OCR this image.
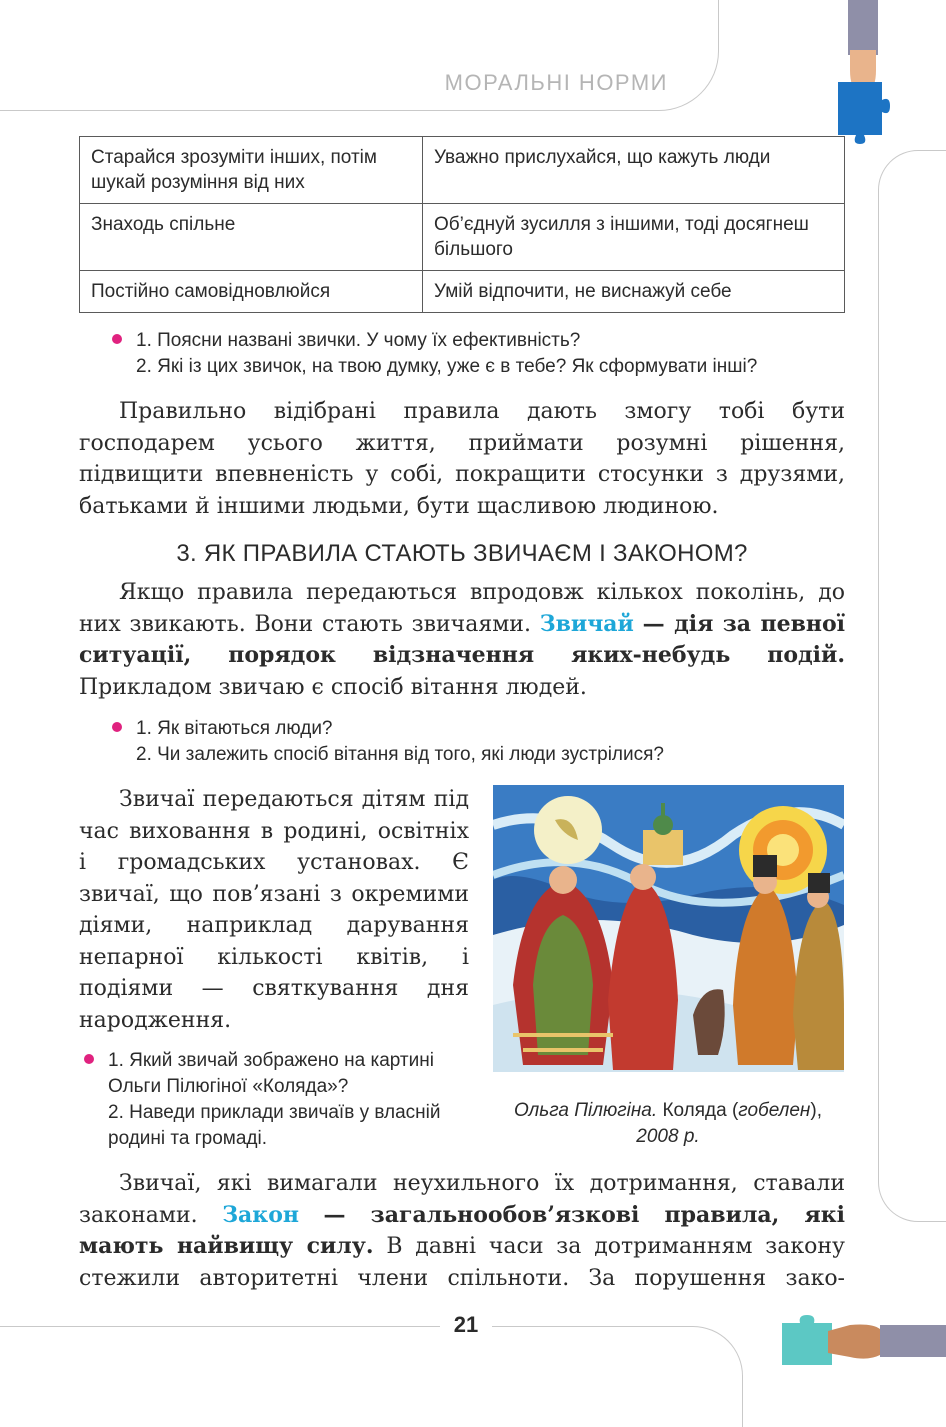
МОРАЛЬНІ НОРМИ
Старайся зрозуміти інших, потім шукай розуміння від них	Уважно прислухайся, що кажуть люди
Знаходь спільне	Об’єднуй зусилля з іншими, тоді досягнеш більшого
Постійно самовідновлюйся	Умій відпочити, не виснажуй себе
1. Поясни названі звички. У чому їх ефективність?
2. Які із цих звичок, на твою думку, уже є в тебе? Як сформувати інші?
Правильно відібрані правила дають змогу тобі бути господарем усього життя, приймати розумні рішення, підвищити впевненість у собі, покращити стосунки з друзями, батьками й іншими людьми, бути щасливою людиною.
3. ЯК ПРАВИЛА СТАЮТЬ ЗВИЧАЄМ І ЗАКОНОМ?
Якщо правила передаються впродовж кількох поколінь, до них звикають. Вони стають звичаями. Звичай — дія за певної ситуації, порядок відзначення яких-небудь подій. Прикладом звичаю є спосіб вітання людей.
1. Як вітаються люди?
2. Чи залежить спосіб вітання від того, які люди зустрілися?
Звичаї передаються дітям під час виховання в родині, освітніх і громадських установах. Є звичаї, що пов’язані з окремими діями, наприклад дарування непарної кількості квітів, і подіями — святкування дня народження.
1. Який звичай зображено на картині Ольги Пілюгіної «Коляда»?
2. Наведи приклади звичаїв у власній родині та громаді.
Ольга Пілюгіна. Коляда (гобелен),
2008 р.
Звичаї, які вимагали неухильного їх дотримання, ставали законами. Закон — загальнообов’язкові правила, які мають найвищу силу. В давні часи за дотриманням закону стежили авторитетні члени спільноти. За порушення зако-
21
